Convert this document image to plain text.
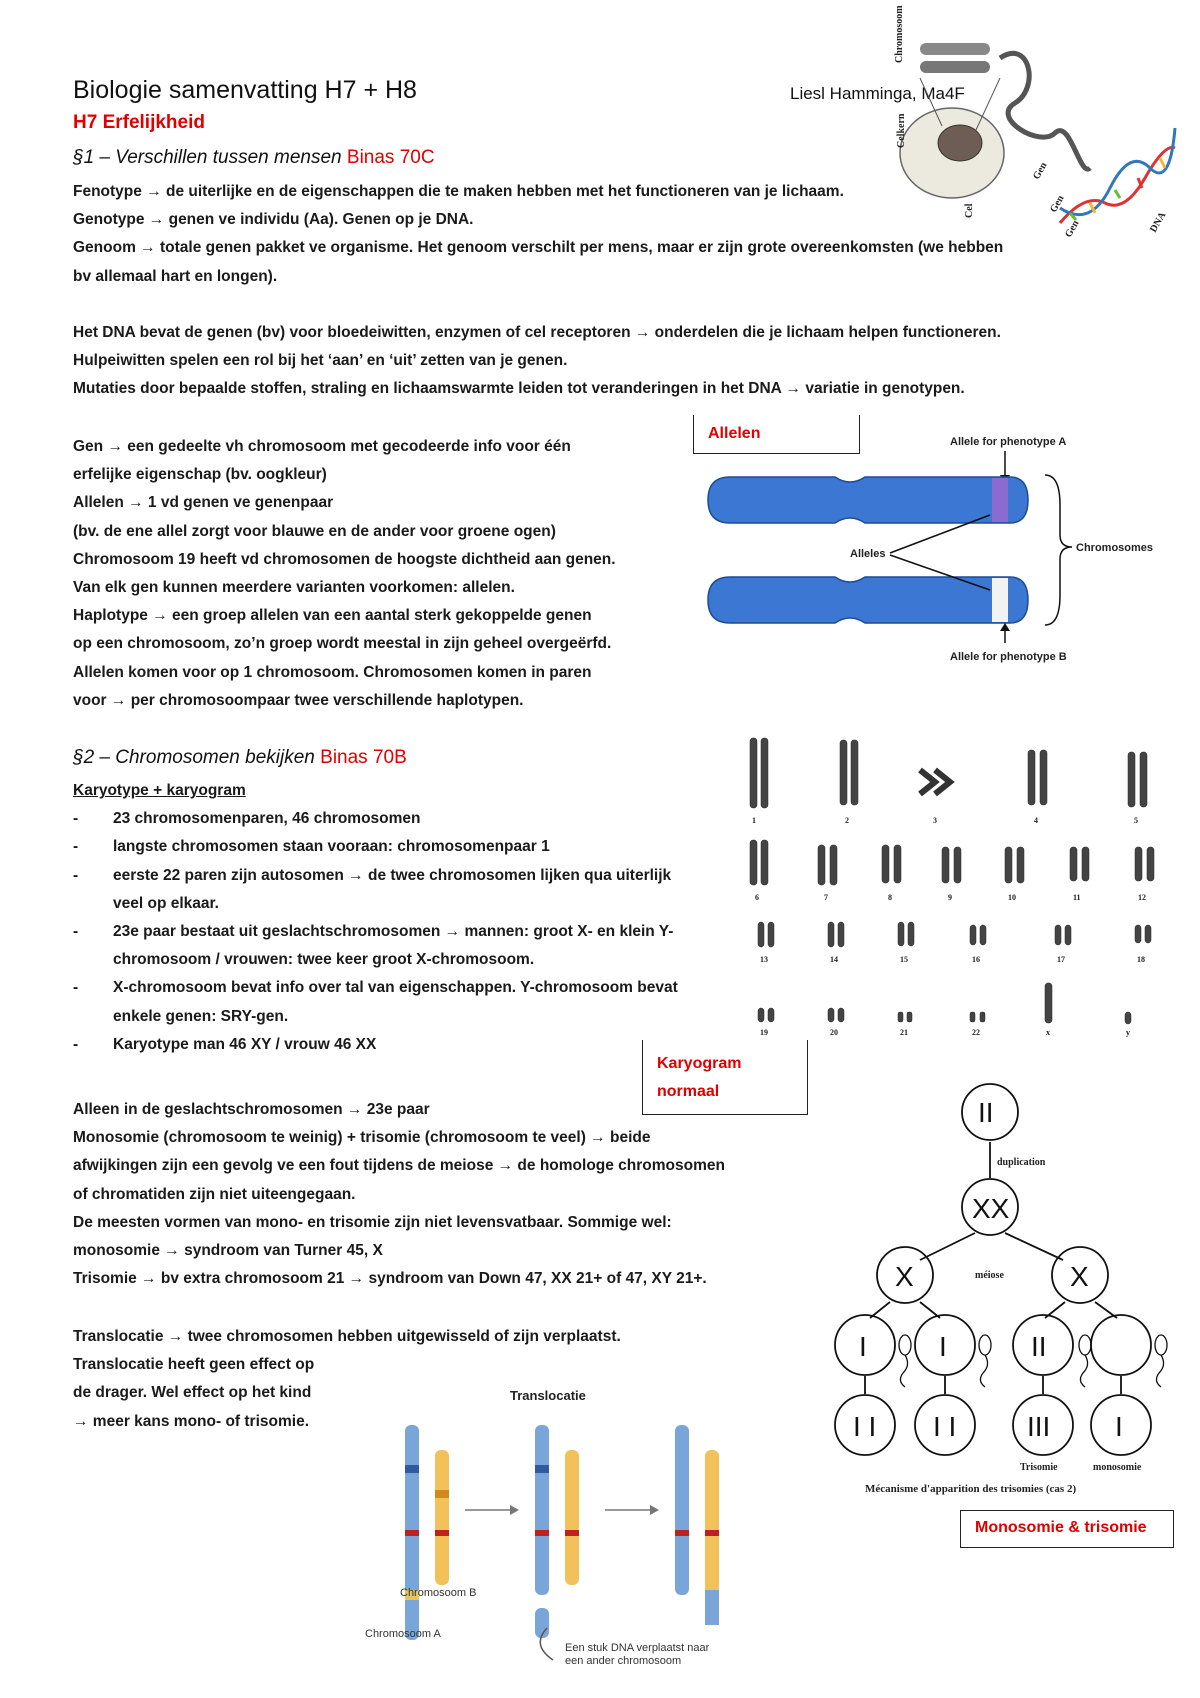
Biologie samenvatting H7 + H8	Liesl Hamminga, Ma4F
H7 Erfelijkheid
Chromosoom
Celkern
Cel
Gen
Gen
Gen	DNA
§1 – Verschillen tussen mensen Binas 70C

Fenotype → de uiterlijke en de eigenschappen die te maken hebben met het functioneren van je lichaam.

Genotype → genen ve individu (Aa). Genen op je DNA.

Genoom → totale genen pakket ve organisme. Het genoom verschilt per mens, maar er zijn grote overeenkomsten (we hebben

bv allemaal hart en longen).

Het DNA bevat de genen (bv) voor bloedeiwitten, enzymen of cel receptoren → onderdelen die je lichaam helpen functioneren.

Hulpeiwitten spelen een rol bij het ‘aan’ en ‘uit’ zetten van je genen.

Mutaties door bepaalde stoffen, straling en lichaamswarmte leiden tot veranderingen in het DNA → variatie in genotypen.

Gen → een gedeelte vh chromosoom met gecodeerde info voor één

erfelijke eigenschap (bv. oogkleur)

Allelen → 1 vd genen ve genenpaar

(bv. de ene allel zorgt voor blauwe en de ander voor groene ogen)

Chromosoom 19 heeft vd chromosomen de hoogste dichtheid aan genen.

Van elk gen kunnen meerdere varianten voorkomen: allelen.

Haplotype → een groep allelen van een aantal sterk gekoppelde genen

op een chromosoom, zo’n groep wordt meestal in zijn geheel overgeërfd.

Allelen komen voor op 1 chromosoom. Chromosomen komen in paren

voor → per chromosoompaar twee verschillende haplotypen.

Allelen	Allele for phenotype A
Allele for phenotype B
Alleles	Chromosomes
§2 – Chromosomen bekijken Binas 70B

Karyotype + karyogram

- 23 chromosomenparen, 46 chromosomen
- langste chromosomen staan vooraan: chromosomenpaar 1
- eerste 22 paren zijn autosomen → de twee chromosomen lijken qua uiterlijk veel op elkaar.
- 23e paar bestaat uit geslachtschromosomen → mannen: groot X- en klein Y-chromosoom / vrouwen: twee keer groot X-chromosoom.
- X-chromosoom bevat info over tal van eigenschappen. Y-chromosoom bevat enkele genen: SRY-gen.
- Karyotype man 46 XY / vrouw 46 XX
1	2	3	4	5
6	7	8	9	10	11	12
13	14	15	16	17	18
19	20	21	22	x	y
Karyogram normaal

Alleen in de geslachtschromosomen → 23e paar

Monosomie (chromosoom te weinig) + trisomie (chromosoom te veel) → beide

afwijkingen zijn een gevolg ve een fout tijdens de meiose → de homologe chromosomen

of chromatiden zijn niet uiteengegaan.

De meesten vormen van mono- en trisomie zijn niet levensvatbaar. Sommige wel:

monosomie → syndroom van Turner 45, X

Trisomie → bv extra chromosoom 21 → syndroom van Down 47, XX 21+ of 47, XY 21+.

Translocatie → twee chromosomen hebben uitgewisseld of zijn verplaatst.

Translocatie heeft geen effect op

de drager. Wel effect op het kind

→ meer kans mono- of trisomie.

II
XX
X	X
I	I	II
I I I I	III I
duplication
méiose
Trisomie	monosomie
Mécanisme d'apparition des trisomies (cas 2)
Monosomie & trisomie
Translocatie
Chromosoom B
Chromosoom A
Een stuk DNA verplaatst naar
een ander chromosoom
